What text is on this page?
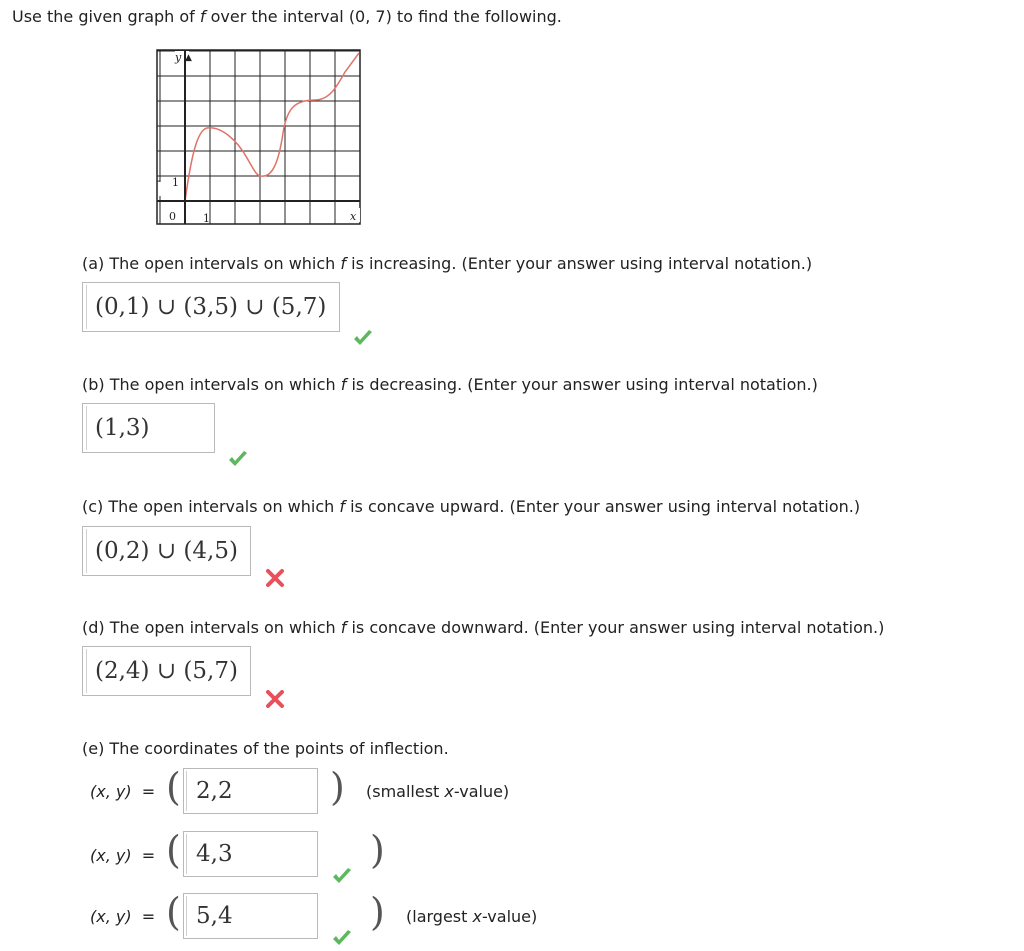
Use the given graph of f over the interval (0, 7) to find the following.
- 1
y ▲
0 1	x
(a) The open intervals on which f is increasing. (Enter your answer using interval notation.)
(0,1) ∪ (3,5) ∪ (5,7)
(b) The open intervals on which f is decreasing. (Enter your answer using interval notation.)
(1,3)
(c) The open intervals on which f is concave upward. (Enter your answer using interval notation.)
(0,2) ∪ (4,5)
(d) The open intervals on which f is concave downward. (Enter your answer using interval notation.)
(2,4) ∪ (5,7)
(e) The coordinates of the points of inflection.
(x, y) = ( 2,2	) (smallest x-value)
(x, y) = ( 4,3	)
(x, y) = ( 5,4	) (largest x-value)
